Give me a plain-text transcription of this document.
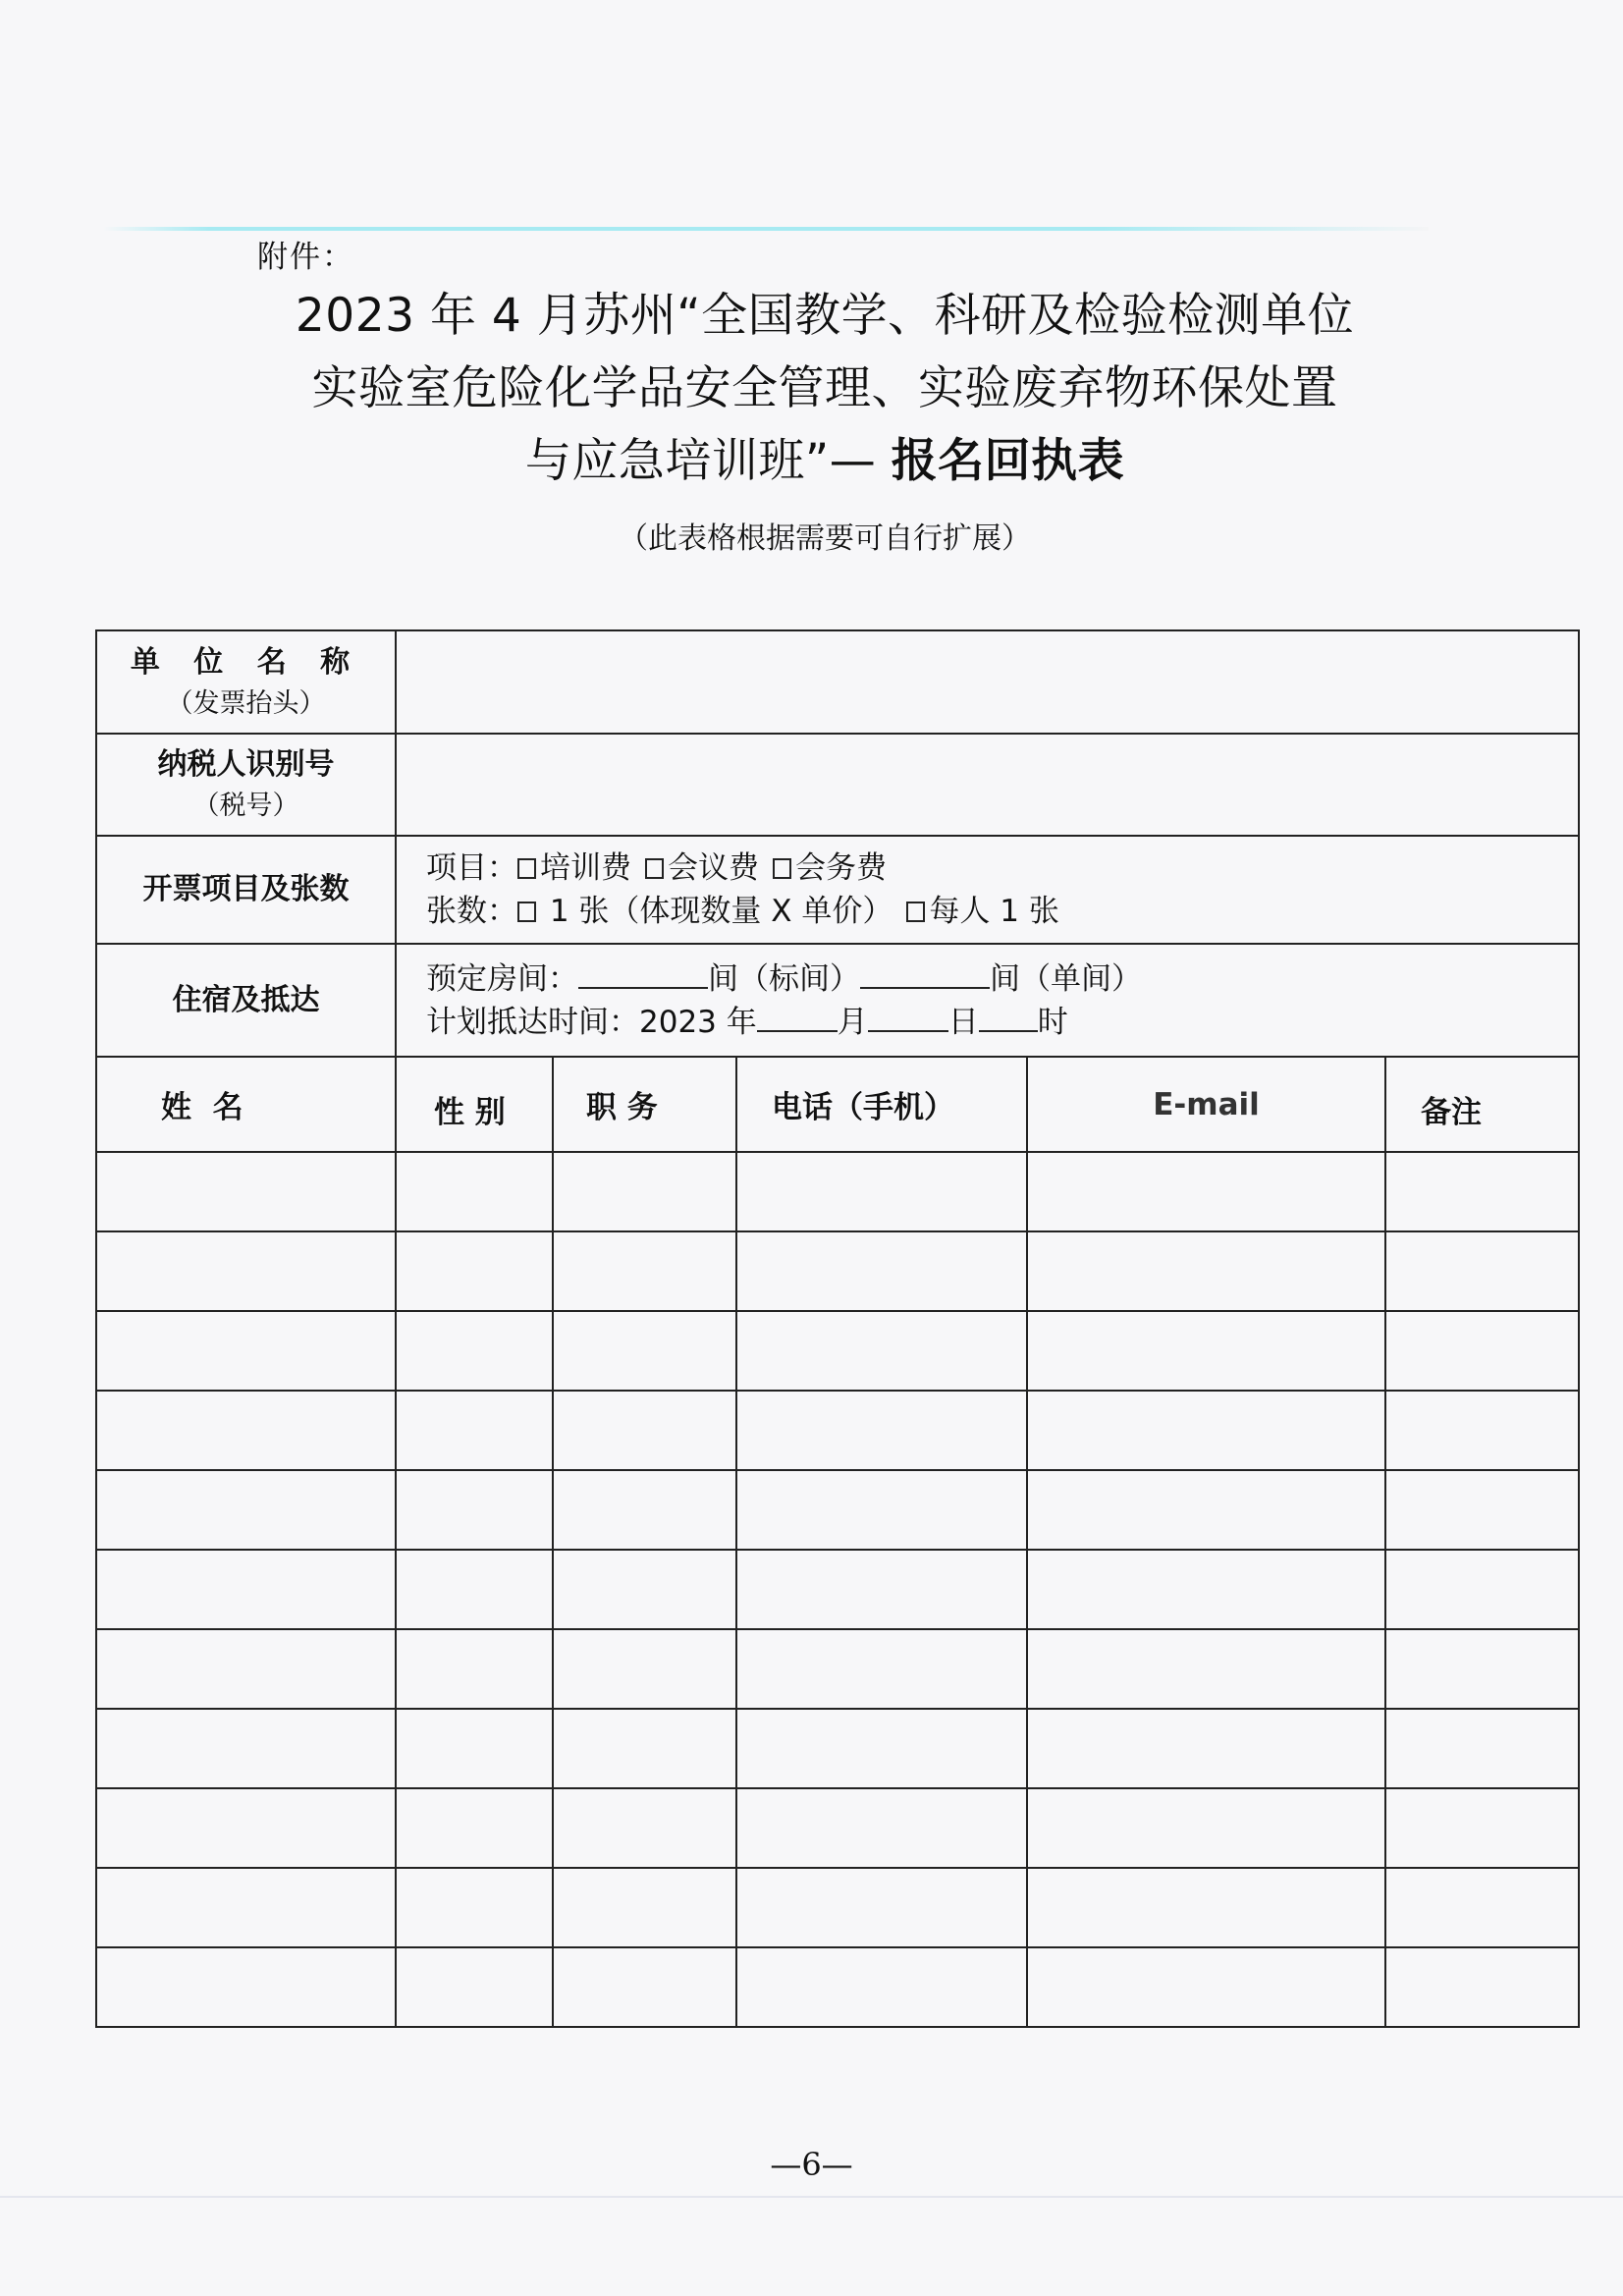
附件：
2023 年 4 月苏州“全国教学、科研及检验检测单位
实验室危险化学品安全管理、实验废弃物环保处置
与应急培训班”— 报名回执表
（此表格根据需要可自行扩展）
单 位 名 称
（发票抬头）					

纳税人识别号
（税号）					

开票项目及张数	项目： 培训费 会议费 会务费
张数： 1 张（体现数量 X 单价） 每人 1 张				

住宿及抵达	预定房间： 间（标间） 间（单间）
计划抵达时间：2023 年 月 日 时				

姓  名	性 别	职 务	电话（手机）	E-mail	备注

—6—
